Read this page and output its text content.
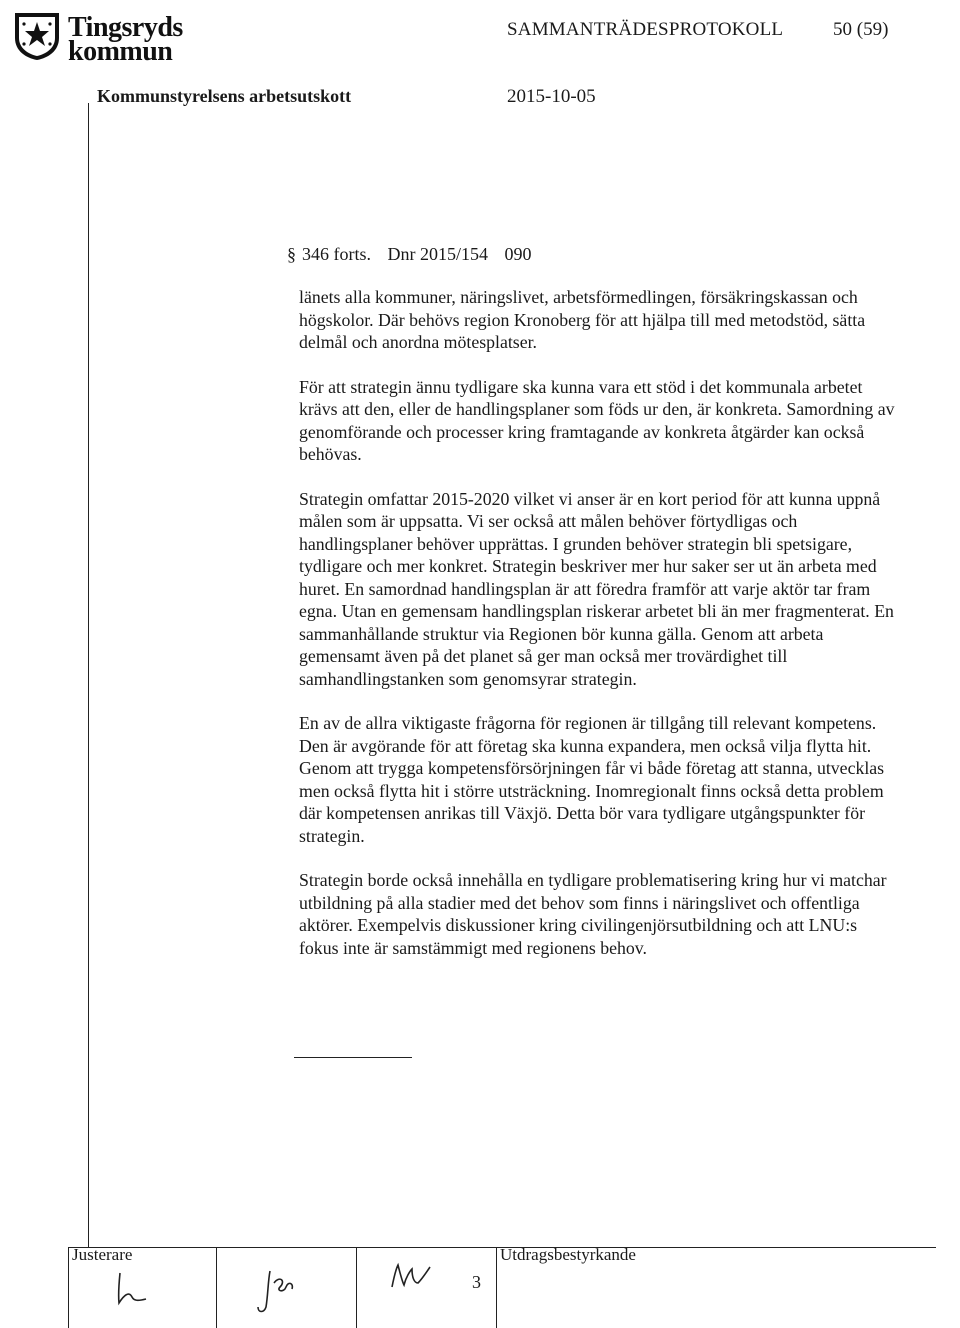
Tingsryds
kommun
SAMMANTRÄDESPROTOKOLL	50 (59)
Kommunstyrelsens arbetsutskott	2015-10-05
§ 346 forts. Dnr 2015/154 090

länets alla kommuner, näringslivet, arbetsförmedlingen, försäkringskassan och högskolor. Där behövs region Kronoberg för att hjälpa till med metodstöd, sätta delmål och anordna mötesplatser.

För att strategin ännu tydligare ska kunna vara ett stöd i det kommunala arbetet krävs att den, eller de handlingsplaner som föds ur den, är konkreta. Samordning av genomförande och processer kring framtagande av konkreta åtgärder kan också behövas.

Strategin omfattar 2015-2020 vilket vi anser är en kort period för att kunna uppnå målen som är uppsatta. Vi ser också att målen behöver förtydligas och handlingsplaner behöver upprättas. I grunden behöver strategin bli spetsigare, tydligare och mer konkret. Strategin beskriver mer hur saker ser ut än arbeta med huret. En samordnad handlingsplan är att föredra framför att varje aktör tar fram egna. Utan en gemensam handlingsplan riskerar arbetet bli än mer fragmenterat. En sammanhållande struktur via Regionen bör kunna gälla. Genom att arbeta gemensamt även på det planet så ger man också mer trovärdighet till samhandlingstanken som genomsyrar strategin.

En av de allra viktigaste frågorna för regionen är tillgång till relevant kompetens. Den är avgörande för att företag ska kunna expandera, men också vilja flytta hit. Genom att trygga kompetensförsörjningen får vi både företag att stanna, utvecklas men också flytta hit i större utsträckning. Inomregionalt finns också detta problem där kompetensen anrikas till Växjö. Detta bör vara tydligare utgångspunkter för strategin.

Strategin borde också innehålla en tydligare problematisering kring hur vi matchar utbildning på alla stadier med det behov som finns i näringslivet och offentliga aktörer. Exempelvis diskussioner kring civilingenjörsutbildning och att LNU:s fokus inte är samstämmigt med regionens behov.

Justerare	Utdragsbestyrkande
3
